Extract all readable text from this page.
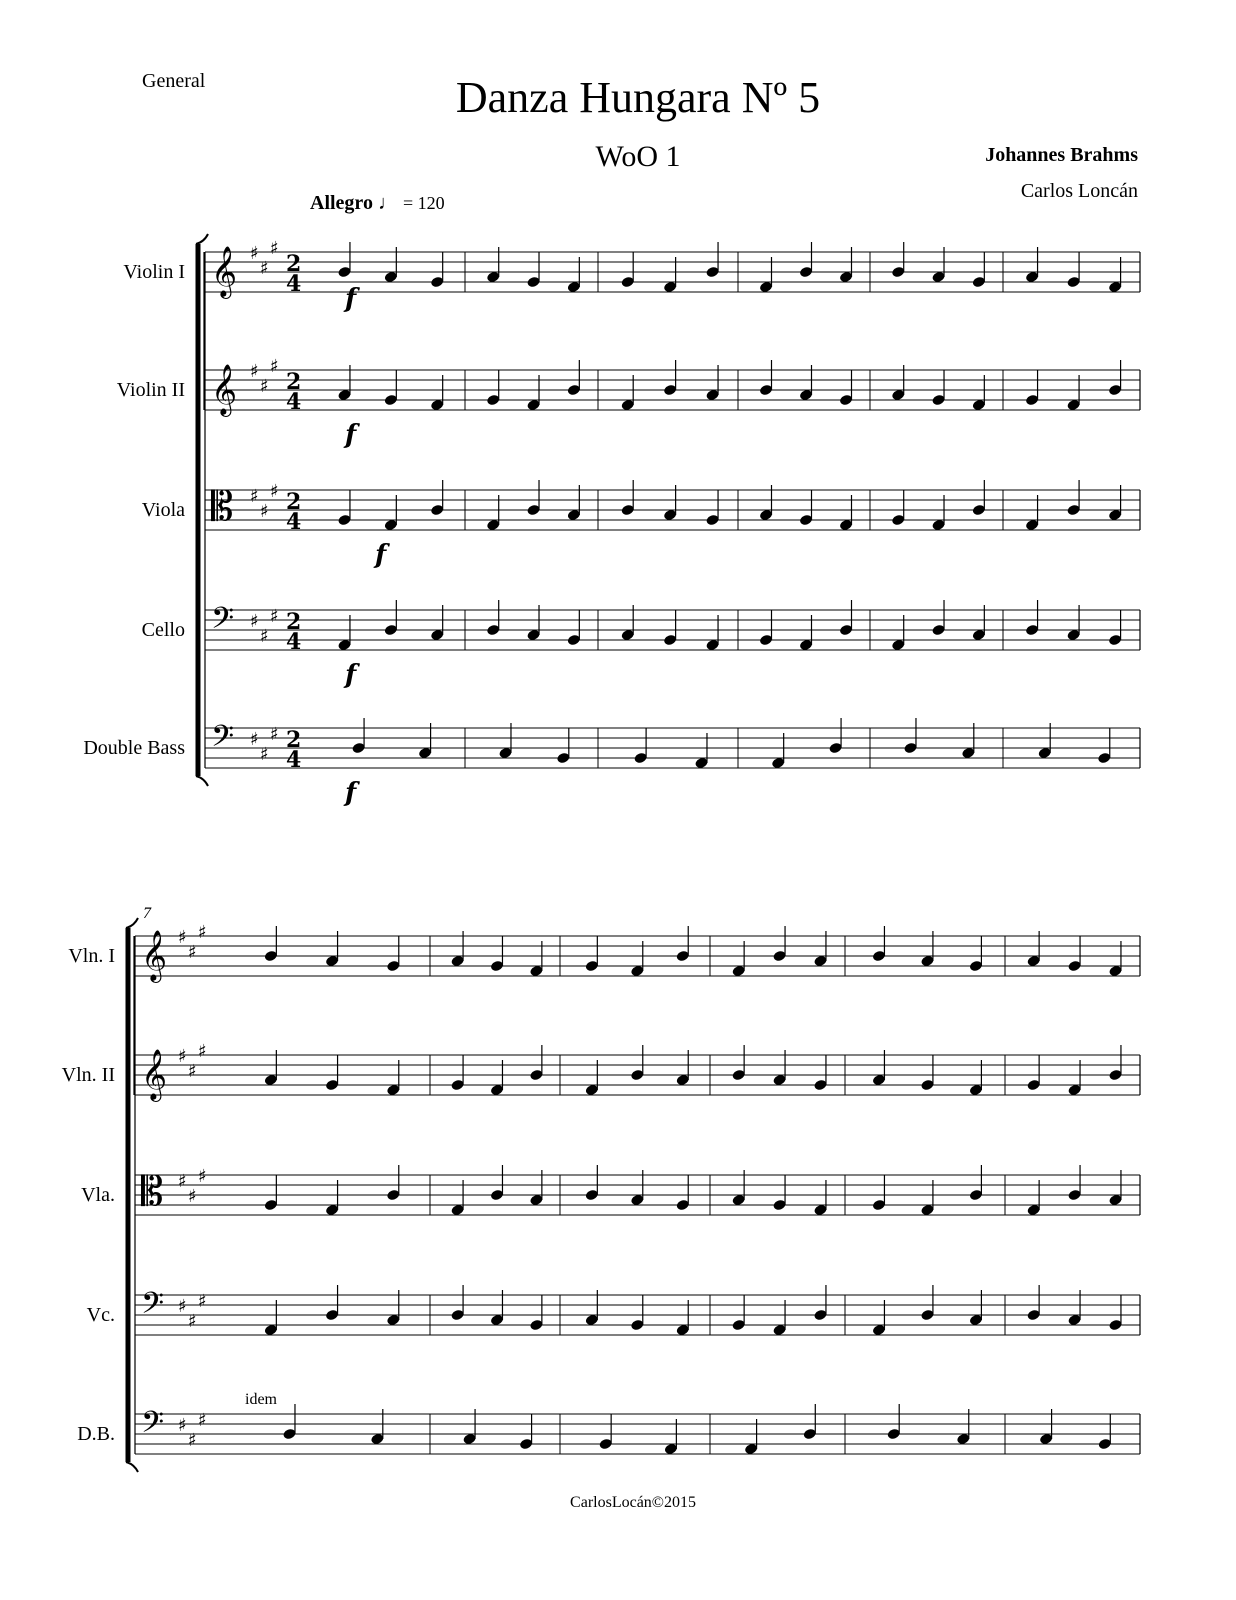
General	Danza Hungara Nº 5
WoO 1	Johannes Brahms
Carlos Loncán
Allegro ♩ = 120
Violin I 𝄞 ♯
♯
♯
2
4
Violin II 𝄞 ♯
♯
♯
2
4
Viola 𝄡 ♯
♯
♯ 2
4
Cello 𝄢 ♯
♯
♯ 2
4
Double Bass 𝄢 ♯
♯
♯ 2
4
Vln. I 𝄞 ♯
♯
♯
Vln. II 𝄞 ♯
♯
♯
Vla. 𝄡 ♯
♯
♯
Vc. 𝄢 ♯
♯
♯
D.B. 𝄢 ♯
♯
♯
7
f
f
f
f
f
idem
CarlosLocán©2015
